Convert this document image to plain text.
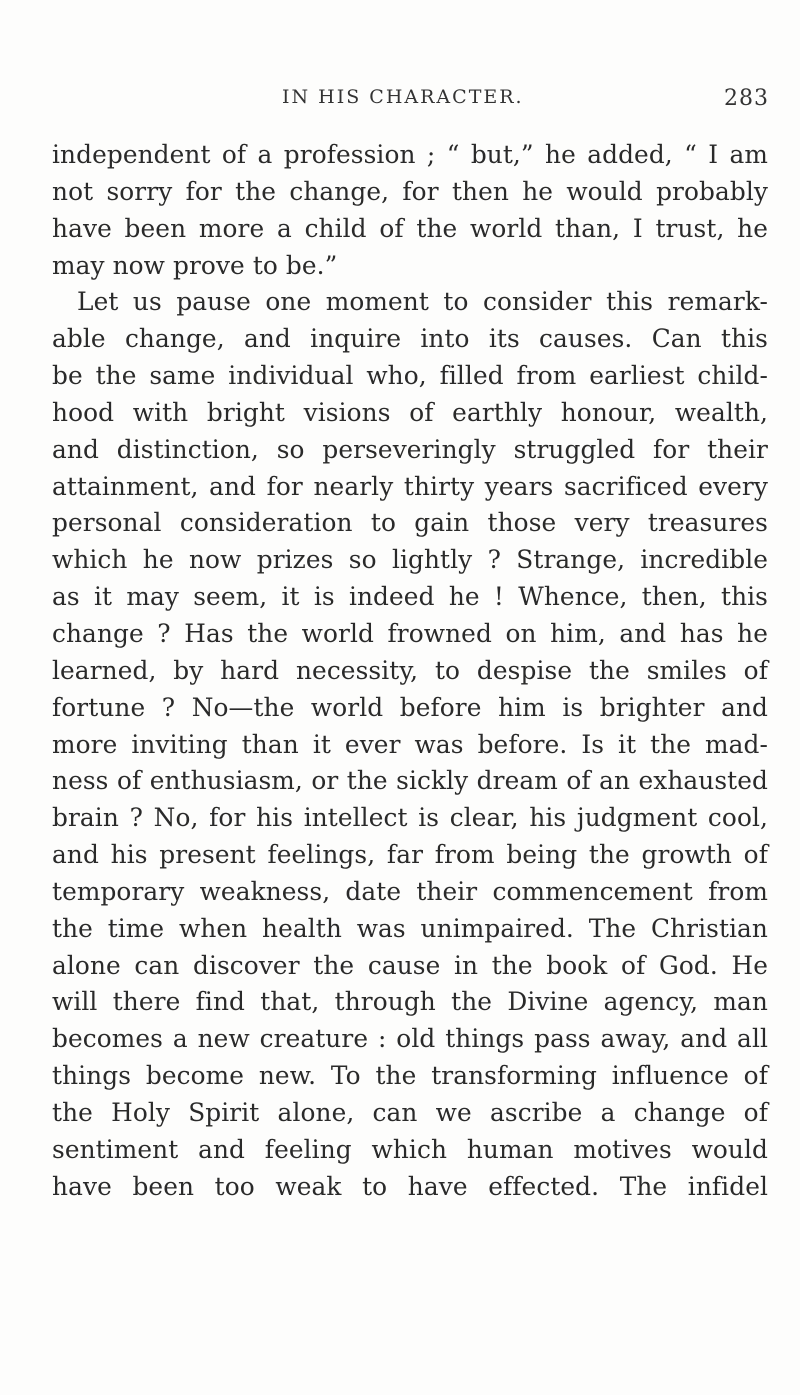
IN HIS CHARACTER.	283
independent of a profession ; “ but,” he added, “ I am
not sorry for the change, for then he would probably
have been more a child of the world than, I trust, he
may now prove to be.”
Let us pause one moment to consider this remark-
able change, and inquire into its causes. Can this
be the same individual who, filled from earliest child-
hood with bright visions of earthly honour, wealth,
and distinction, so perseveringly struggled for their
attainment, and for nearly thirty years sacrificed every
personal consideration to gain those very treasures
which he now prizes so lightly ? Strange, incredible
as it may seem, it is indeed he ! Whence, then, this
change ? Has the world frowned on him, and has he
learned, by hard necessity, to despise the smiles of
fortune ? No—the world before him is brighter and
more inviting than it ever was before. Is it the mad-
ness of enthusiasm, or the sickly dream of an exhausted
brain ? No, for his intellect is clear, his judgment cool,
and his present feelings, far from being the growth of
temporary weakness, date their commencement from
the time when health was unimpaired. The Christian
alone can discover the cause in the book of God. He
will there find that, through the Divine agency, man
becomes a new creature : old things pass away, and all
things become new. To the transforming influence of
the Holy Spirit alone, can we ascribe a change of
sentiment and feeling which human motives would
have been too weak to have effected. The infidel
